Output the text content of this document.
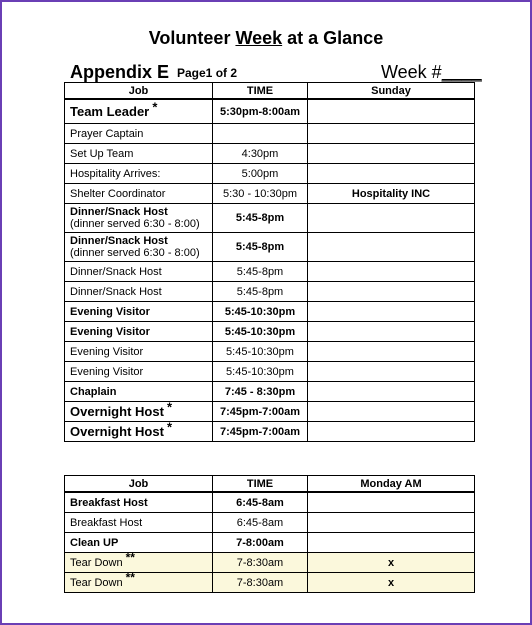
Volunteer Week at a Glance
Appendix E Page1 of 2	Week #____
Job	TIME	Sunday
Team Leader *	5:30pm-8:00am	
Prayer Captain		
Set Up Team	4:30pm	
Hospitality Arrives:	5:00pm	
Shelter Coordinator	5:30 - 10:30pm	Hospitality INC
Dinner/Snack Host
(dinner served 6:30 - 8:00)	5:45-8pm	
Dinner/Snack Host
(dinner served 6:30 - 8:00)	5:45-8pm	
Dinner/Snack Host	5:45-8pm	
Dinner/Snack Host	5:45-8pm	
Evening Visitor	5:45-10:30pm	
Evening Visitor	5:45-10:30pm	
Evening Visitor	5:45-10:30pm	
Evening Visitor	5:45-10:30pm	
Chaplain	7:45 - 8:30pm	
Overnight Host *	7:45pm-7:00am	
Overnight Host *	7:45pm-7:00am	
Job	TIME	Monday AM
Breakfast Host	6:45-8am	
Breakfast Host	6:45-8am	
Clean UP	7-8:00am	
Tear Down **	7-8:30am	x
Tear Down **	7-8:30am	x
